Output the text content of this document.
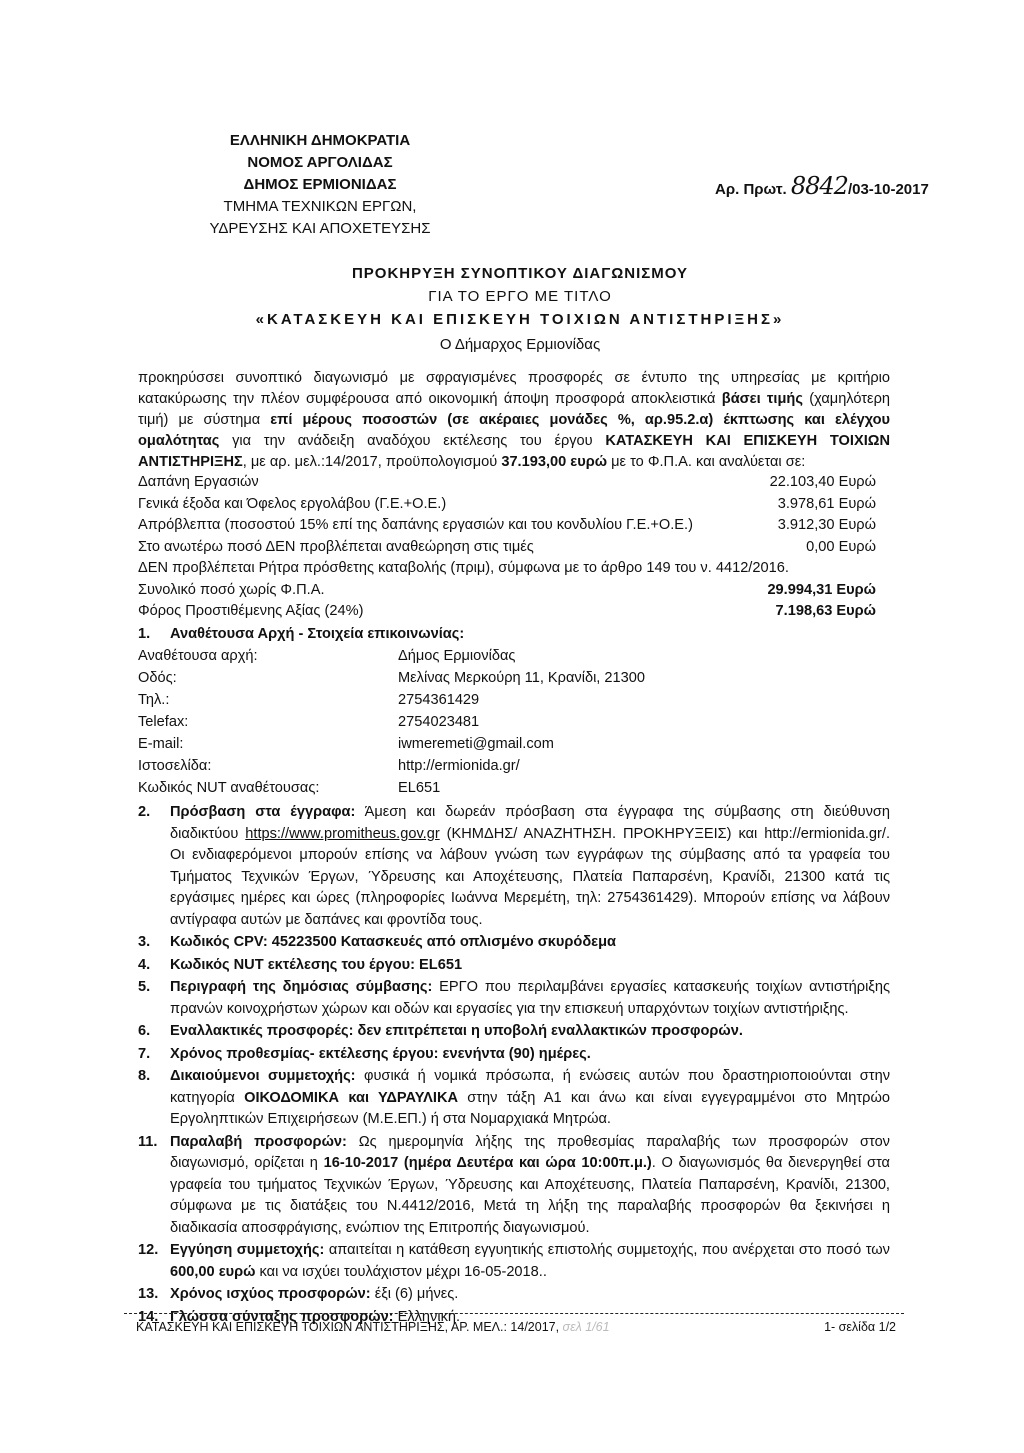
ΕΛΛΗΝΙΚΗ ΔΗΜΟΚΡΑΤΙΑ
ΝΟΜΟΣ ΑΡΓΟΛΙΔΑΣ
ΔΗΜΟΣ ΕΡΜΙΟΝΙΔΑΣ
ΤΜΗΜΑ ΤΕΧΝΙΚΩΝ ΕΡΓΩΝ,
ΥΔΡΕΥΣΗΣ ΚΑΙ ΑΠΟΧΕΤΕΥΣΗΣ
Αρ. Πρωτ. 8842/03-10-2017
ΠΡΟΚΗΡΥΞΗ ΣΥΝΟΠΤΙΚΟΥ ΔΙΑΓΩΝΙΣΜΟΥ
ΓΙΑ ΤΟ ΕΡΓΟ ΜΕ ΤΙΤΛΟ
«ΚΑΤΑΣΚΕΥΗ ΚΑΙ ΕΠΙΣΚΕΥΗ ΤΟΙΧΙΩΝ ΑΝΤΙΣΤΗΡΙΞΗΣ»
Ο Δήμαρχος Ερμιονίδας
προκηρύσσει συνοπτικό διαγωνισμό με σφραγισμένες προσφορές σε έντυπο της υπηρεσίας με κριτήριο κατακύρωσης την πλέον συμφέρουσα από οικονομική άποψη προσφορά αποκλειστικά βάσει τιμής (χαμηλότερη τιμή) με σύστημα επί μέρους ποσοστών (σε ακέραιες μονάδες %, αρ.95.2.α) έκπτωσης και ελέγχου ομαλότητας για την ανάδειξη αναδόχου εκτέλεσης του έργου ΚΑΤΑΣΚΕΥΗ ΚΑΙ ΕΠΙΣΚΕΥΗ ΤΟΙΧΙΩΝ ΑΝΤΙΣΤΗΡΙΞΗΣ, με αρ. μελ.:14/2017, προϋπολογισμού 37.193,00 ευρώ με το Φ.Π.Α. και αναλύεται σε:
Δαπάνη Εργασιών	22.103,40 Ευρώ
Γενικά έξοδα και Όφελος εργολάβου (Γ.Ε.+Ο.Ε.)	3.978,61 Ευρώ
Απρόβλεπτα (ποσοστού 15% επί της δαπάνης εργασιών και του κονδυλίου Γ.Ε.+Ο.Ε.)	3.912,30 Ευρώ
Στο ανωτέρω ποσό ΔΕΝ προβλέπεται αναθεώρηση στις τιμές	0,00 Ευρώ
ΔΕΝ προβλέπεται Ρήτρα πρόσθετης καταβολής (πριμ), σύμφωνα με το άρθρο 149 του ν. 4412/2016.
Συνολικό ποσό χωρίς Φ.Π.Α.	29.994,31 Ευρώ
Φόρος Προστιθέμενης Αξίας (24%)	7.198,63 Ευρώ
1. Αναθέτουσα Αρχή - Στοιχεία επικοινωνίας:
Αναθέτουσα αρχή:	Δήμος Ερμιονίδας
Οδός:	Μελίνας Μερκούρη 11, Κρανίδι, 21300
Τηλ.:	2754361429
Telefax:	2754023481
E-mail:	iwmeremeti@gmail.com
Ιστοσελίδα:	http://ermionida.gr/
Κωδικός NUT αναθέτουσας:	EL651
2. Πρόσβαση στα έγγραφα: Άμεση και δωρεάν πρόσβαση στα έγγραφα της σύμβασης στη διεύθυνση διαδικτύου https://www.promitheus.gov.gr (ΚΗΜΔΗΣ/ ΑΝΑΖΗΤΗΣΗ. ΠΡΟΚΗΡΥΞΕΙΣ) και http://ermionida.gr/. Οι ενδιαφερόμενοι μπορούν επίσης να λάβουν γνώση των εγγράφων της σύμβασης από τα γραφεία του Τμήματος Τεχνικών Έργων, Ύδρευσης και Αποχέτευσης, Πλατεία Παπαρσένη, Κρανίδι, 21300 κατά τις εργάσιμες ημέρες και ώρες (πληροφορίες Ιωάννα Μερεμέτη, τηλ: 2754361429). Μπορούν επίσης να λάβουν αντίγραφα αυτών με δαπάνες και φροντίδα τους.
3. Κωδικός CPV: 45223500 Κατασκευές από οπλισμένο σκυρόδεμα
4. Κωδικός NUT εκτέλεσης του έργου: EL651
5. Περιγραφή της δημόσιας σύμβασης: ΕΡΓΟ που περιλαμβάνει εργασίες κατασκευής τοιχίων αντιστήριξης πρανών κοινοχρήστων χώρων και οδών και εργασίες για την επισκευή υπαρχόντων τοιχίων αντιστήριξης.
6. Εναλλακτικές προσφορές: δεν επιτρέπεται η υποβολή εναλλακτικών προσφορών.
7. Χρόνος προθεσμίας- εκτέλεσης έργου: ενενήντα (90) ημέρες.
8. Δικαιούμενοι συμμετοχής: φυσικά ή νομικά πρόσωπα, ή ενώσεις αυτών που δραστηριοποιούνται στην κατηγορία ΟΙΚΟΔΟΜΙΚΑ και ΥΔΡΑΥΛΙΚΑ στην τάξη Α1 και άνω και είναι εγγεγραμμένοι στο Μητρώο Εργοληπτικών Επιχειρήσεων (Μ.Ε.ΕΠ.) ή στα Νομαρχιακά Μητρώα.
11. Παραλαβή προσφορών: Ως ημερομηνία λήξης της προθεσμίας παραλαβής των προσφορών στον διαγωνισμό, ορίζεται η 16-10-2017 (ημέρα Δευτέρα και ώρα 10:00π.μ.). Ο διαγωνισμός θα διενεργηθεί στα γραφεία του τμήματος Τεχνικών Έργων, Ύδρευσης και Αποχέτευσης, Πλατεία Παπαρσένη, Κρανίδι, 21300, σύμφωνα με τις διατάξεις του Ν.4412/2016, Μετά τη λήξη της παραλαβής προσφορών θα ξεκινήσει η διαδικασία αποσφράγισης, ενώπιον της Επιτροπής διαγωνισμού.
12. Εγγύηση συμμετοχής: απαιτείται η κατάθεση εγγυητικής επιστολής συμμετοχής, που ανέρχεται στο ποσό των 600,00 ευρώ και να ισχύει τουλάχιστον μέχρι 16-05-2018..
13. Χρόνος ισχύος προσφορών: έξι (6) μήνες.
14. Γλώσσα σύνταξης προσφορών: Ελληνική.
ΚΑΤΑΣΚΕΥΗ ΚΑΙ ΕΠΙΣΚΕΥΗ ΤΟΙΧΙΩΝ ΑΝΤΙΣΤΗΡΙΞΗΣ, ΑΡ. ΜΕΛ.: 14/2017, σελ 1/61	1- σελίδα 1/2
